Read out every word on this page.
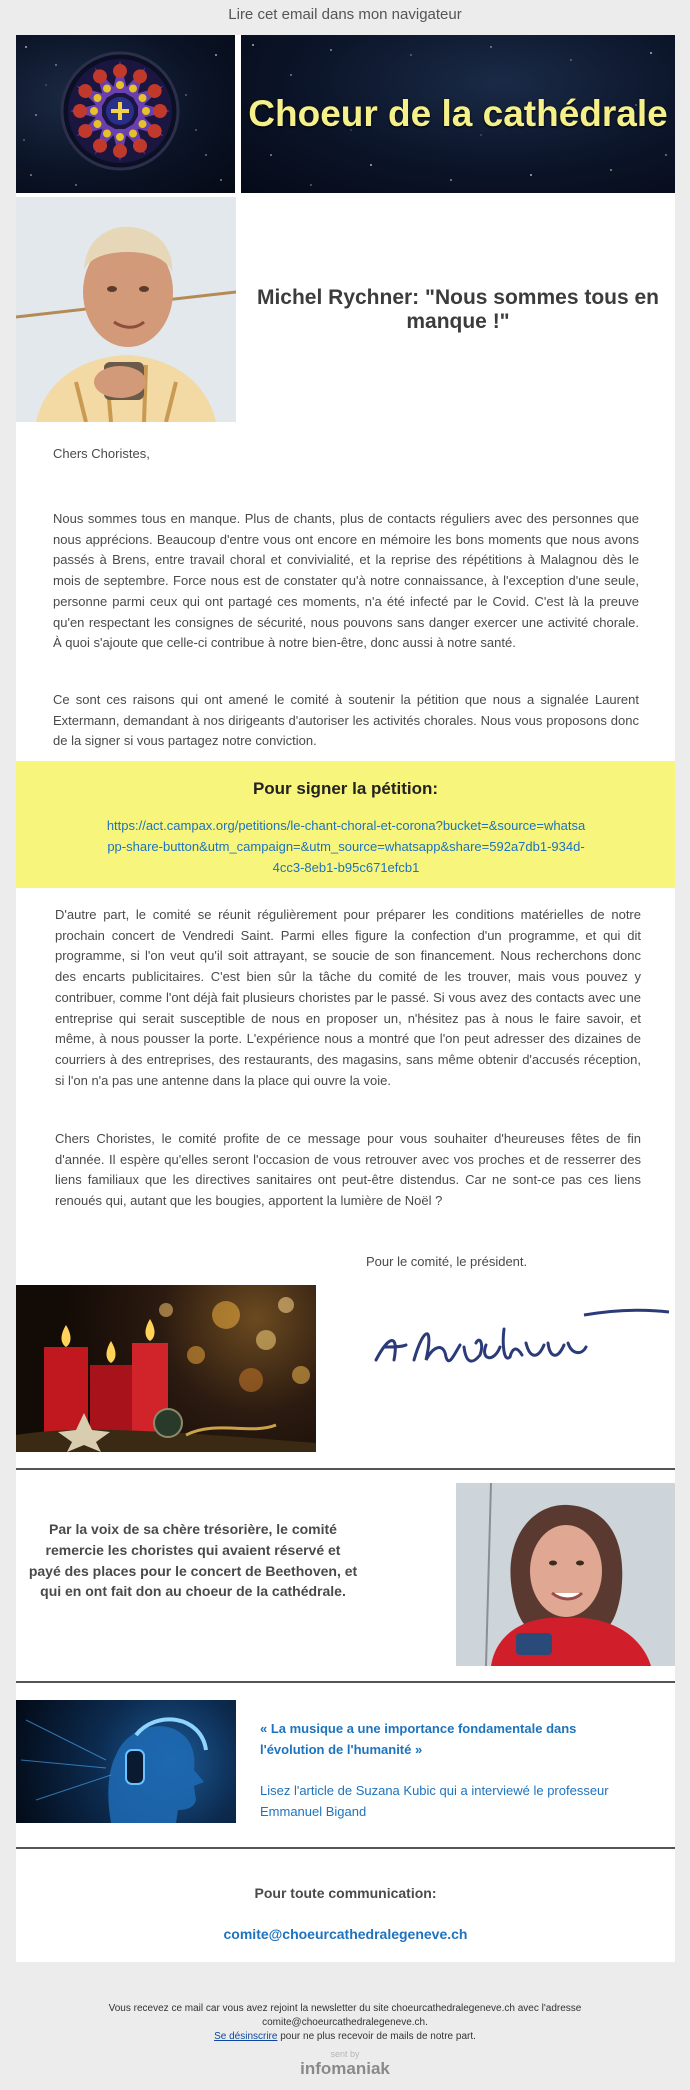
Lire cet email dans mon navigateur
Choeur de la cathédrale
Michel Rychner: "Nous sommes tous en manque !"
Chers Choristes,
Nous sommes tous en manque. Plus de chants, plus de contacts réguliers avec des personnes que nous apprécions. Beaucoup d'entre vous ont encore en mémoire les bons moments que nous avons passés à Brens, entre travail choral et convivialité, et la reprise des répétitions à Malagnou dès le mois de septembre. Force nous est de constater qu'à notre connaissance, à l'exception d'une seule, personne parmi ceux qui ont partagé ces moments, n'a été infecté par le Covid. C'est là la preuve qu'en respectant les consignes de sécurité, nous pouvons sans danger exercer une activité chorale. À quoi s'ajoute que celle-ci contribue à notre bien-être, donc aussi à notre santé.
Ce sont ces raisons qui ont amené le comité à soutenir la pétition que nous a signalée Laurent Extermann, demandant à nos dirigeants d'autoriser les activités chorales. Nous vous proposons donc de la signer si vous partagez notre conviction.
Pour signer la pétition:
https://act.campax.org/petitions/le-chant-choral-et-corona?bucket=&source=whatsapp-share-button&utm_campaign=&utm_source=whatsapp&share=592a7db1-934d-4cc3-8eb1-b95c671efcb1
D'autre part, le comité se réunit régulièrement pour préparer les conditions matérielles de notre prochain concert de Vendredi Saint. Parmi elles figure la confection d'un programme, et qui dit programme, si l'on veut qu'il soit attrayant, se soucie de son financement. Nous recherchons donc des encarts publicitaires. C'est bien sûr la tâche du comité de les trouver, mais vous pouvez y contribuer, comme l'ont déjà fait plusieurs choristes par le passé. Si vous avez des contacts avec une entreprise qui serait susceptible de nous en proposer un, n'hésitez pas à nous le faire savoir, et même, à nous pousser la porte. L'expérience nous a montré que l'on peut adresser des dizaines de courriers à des entreprises, des restaurants, des magasins, sans même obtenir d'accusés réception, si l'on n'a pas une antenne dans la place qui ouvre la voie.
Chers Choristes, le comité profite de ce message pour vous souhaiter d'heureuses fêtes de fin d'année. Il espère qu'elles seront l'occasion de vous retrouver avec vos proches et de resserrer des liens familiaux que les directives sanitaires ont peut-être distendus. Car ne sont-ce pas ces liens renoués qui, autant que les bougies, apportent la lumière de Noël ?
Pour le comité, le président.
Par la voix de sa chère trésorière, le comité remercie les choristes qui avaient réservé et payé des places pour le concert de Beethoven, et qui en ont fait don au choeur de la cathédrale.
« La musique a une importance fondamentale dans l'évolution de l'humanité »
Lisez l'article de Suzana Kubic qui a interviewé le professeur Emmanuel Bigand
Pour toute communication:
comite@choeurcathedralegeneve.ch
Vous recevez ce mail car vous avez rejoint la newsletter du site choeurcathedralegeneve.ch avec l'adresse
comite@choeurcathedralegeneve.ch.
Se désinscrire pour ne plus recevoir de mails de notre part.
sent by
infomaniak
